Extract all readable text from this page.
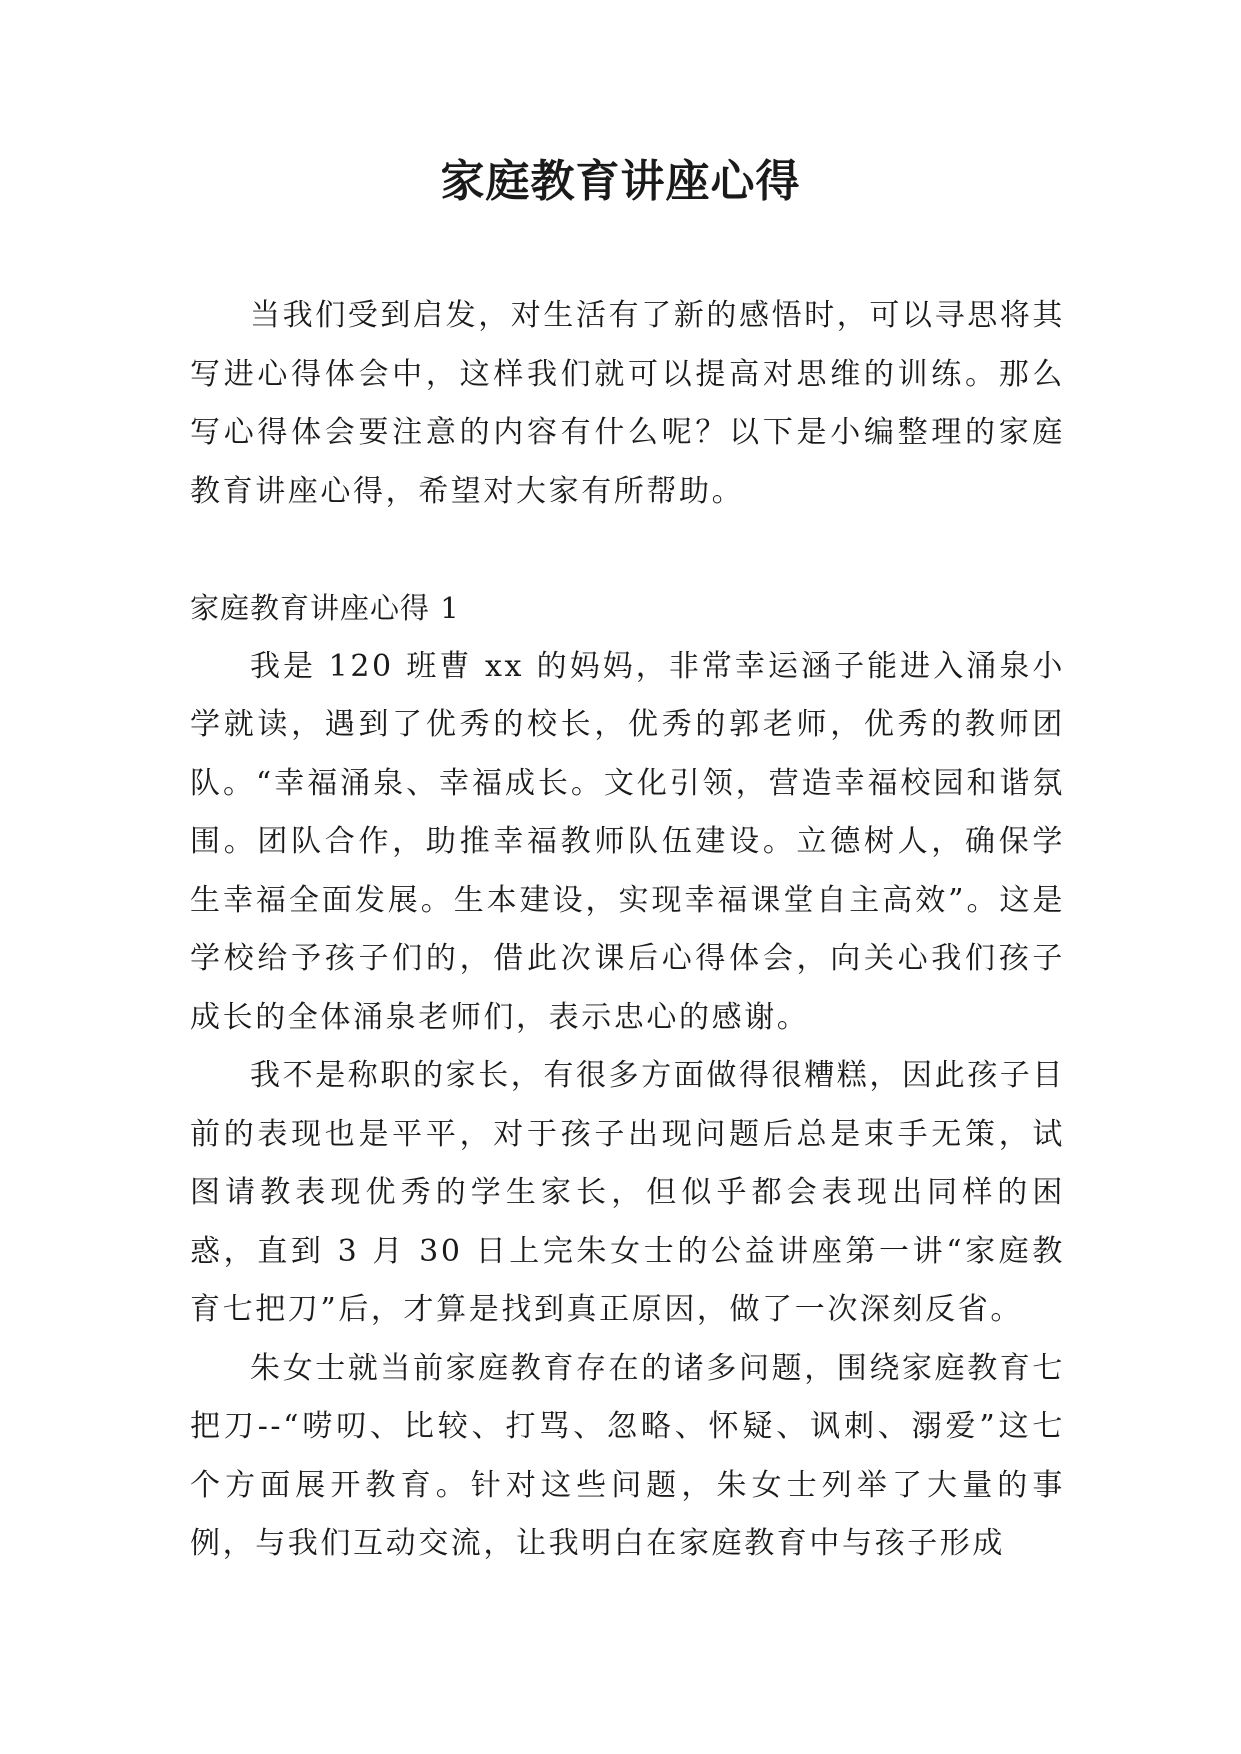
家庭教育讲座心得

当我们受到启发，对生活有了新的感悟时，可以寻思将其写进心得体会中，这样我们就可以提高对思维的训练。那么写心得体会要注意的内容有什么呢？以下是小编整理的家庭教育讲座心得，希望对大家有所帮助。

家庭教育讲座心得 1

我是 120 班曹 xx 的妈妈，非常幸运涵子能进入涌泉小学就读，遇到了优秀的校长，优秀的郭老师，优秀的教师团队。“幸福涌泉、幸福成长。文化引领，营造幸福校园和谐氛围。团队合作，助推幸福教师队伍建设。立德树人，确保学生幸福全面发展。生本建设，实现幸福课堂自主高效”。这是学校给予孩子们的，借此次课后心得体会，向关心我们孩子成长的全体涌泉老师们，表示忠心的感谢。

我不是称职的家长，有很多方面做得很糟糕，因此孩子目前的表现也是平平，对于孩子出现问题后总是束手无策，试图请教表现优秀的学生家长，但似乎都会表现出同样的困惑，直到 3 月 30 日上完朱女士的公益讲座第一讲“家庭教育七把刀”后，才算是找到真正原因，做了一次深刻反省。

朱女士就当前家庭教育存在的诸多问题，围绕家庭教育七把刀--“唠叨、比较、打骂、忽略、怀疑、讽刺、溺爱”这七个方面展开教育。针对这些问题，朱女士列举了大量的事例，与我们互动交流，让我明白在家庭教育中与孩子形成
